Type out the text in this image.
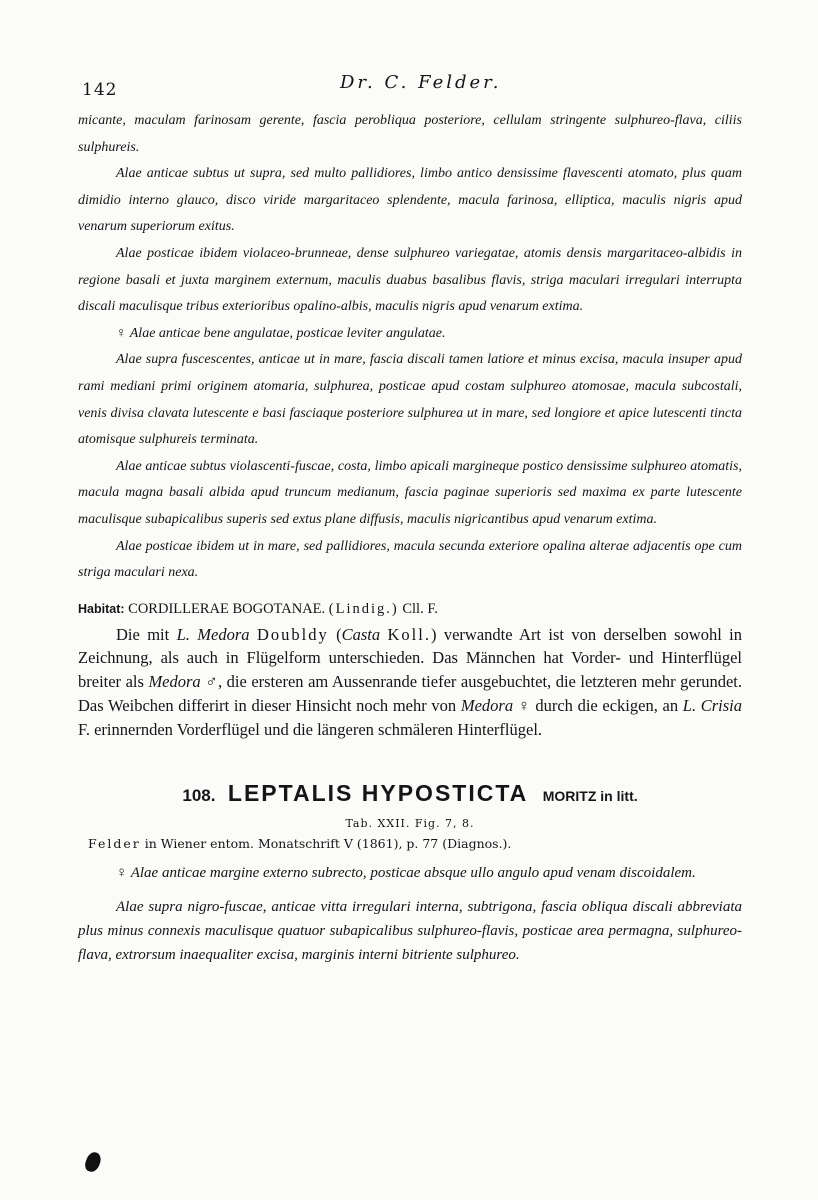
142	Dr. C. Felder.

micante, maculam farinosam gerente, fascia perobliqua posteriore, cellulam stringente sulphureo-flava, ciliis sulphureis.

Alae anticae subtus ut supra, sed multo pallidiores, limbo antico densissime flavescenti atomato, plus quam dimidio interno glauco, disco viride margaritaceo splendente, macula farinosa, elliptica, maculis nigris apud venarum superiorum exitus.

Alae posticae ibidem violaceo-brunneae, dense sulphureo variegatae, atomis densis margaritaceo-albidis in regione basali et juxta marginem externum, maculis duabus basalibus flavis, striga maculari irregulari interrupta discali maculisque tribus exterioribus opalino-albis, maculis nigris apud venarum extima.

♀ Alae anticae bene angulatae, posticae leviter angulatae.

Alae supra fuscescentes, anticae ut in mare, fascia discali tamen latiore et minus excisa, macula insuper apud rami mediani primi originem atomaria, sulphurea, posticae apud costam sulphureo atomosae, macula subcostali, venis divisa clavata lutescente e basi fasciaque posteriore sulphurea ut in mare, sed longiore et apice lutescenti tincta atomisque sulphureis terminata.

Alae anticae subtus violascenti-fuscae, costa, limbo apicali margineque postico densissime sulphureo atomatis, macula magna basali albida apud truncum medianum, fascia paginae superioris sed maxima ex parte lutescente maculisque subapicalibus superis sed extus plane diffusis, maculis nigricantibus apud venarum extima.

Alae posticae ibidem ut in mare, sed pallidiores, macula secunda exteriore opalina alterae adjacentis ope cum striga maculari nexa.

Habitat: CORDILLERAE BOGOTANAE. (Lindig.) Cll. F.

Die mit L. Medora Doubldy (Casta Koll.) verwandte Art ist von derselben sowohl in Zeichnung, als auch in Flügelform unterschieden. Das Männchen hat Vorder- und Hinterflügel breiter als Medora ♂, die ersteren am Aussenrande tiefer ausgebuchtet, die letzteren mehr gerundet. Das Weibchen differirt in dieser Hinsicht noch mehr von Medora ♀ durch die eckigen, an L. Crisia F. erinnernden Vorderflügel und die längeren schmäleren Hinterflügel.

108. LEPTALIS HYPOSTICTA MORITZ in litt.
Tab. XXII. Fig. 7, 8.
Felder in Wiener entom. Monatschrift V (1861), p. 77 (Diagnos.).

♀ Alae anticae margine externo subrecto, posticae absque ullo angulo apud venam discoidalem.

Alae supra nigro-fuscae, anticae vitta irregulari interna, subtrigona, fascia obliqua discali abbreviata plus minus connexis maculisque quatuor subapicalibus sulphureo-flavis, posticae area permagna, sulphureo-flava, extrorsum inaequaliter excisa, marginis interni bitriente sulphureo.
